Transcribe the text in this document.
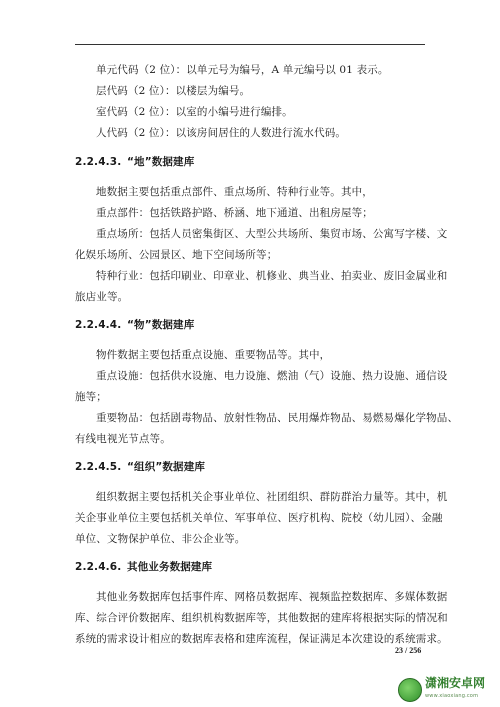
单元代码（2 位）：以单元号为编号，A 单元编号以 01 表示。
层代码（2 位）：以楼层为编号。
室代码（2 位）：以室的小编号进行编排。
人代码（2 位）：以该房间居住的人数进行流水代码。
2.2.4.3. “地”数据建库
地数据主要包括重点部件、重点场所、特种行业等。其中，
重点部件：包括铁路护路、桥涵、地下通道、出租房屋等；
重点场所：包括人员密集街区、大型公共场所、集贸市场、公寓写字楼、文
化娱乐场所、公园景区、地下空间场所等；
特种行业：包括印刷业、印章业、机修业、典当业、拍卖业、废旧金属业和
旅店业等。
2.2.4.4. “物”数据建库
物件数据主要包括重点设施、重要物品等。其中，
重点设施：包括供水设施、电力设施、燃油（气）设施、热力设施、通信设
施等；
重要物品：包括剧毒物品、放射性物品、民用爆炸物品、易燃易爆化学物品、
有线电视光节点等。
2.2.4.5. “组织”数据建库
组织数据主要包括机关企事业单位、社团组织、群防群治力量等。其中，机
关企事业单位主要包括机关单位、军事单位、医疗机构、院校（幼儿园）、金融
单位、文物保护单位、非公企业等。
2.2.4.6. 其他业务数据建库
其他业务数据库包括事件库、网格员数据库、视频监控数据库、多媒体数据
库、综合评价数据库、组织机构数据库等，其他数据的建库将根据实际的情况和
系统的需求设计相应的数据库表格和建库流程，保证满足本次建设的系统需求。
23 / 256
潇湘安卓网
www.xiaoxiang.com
